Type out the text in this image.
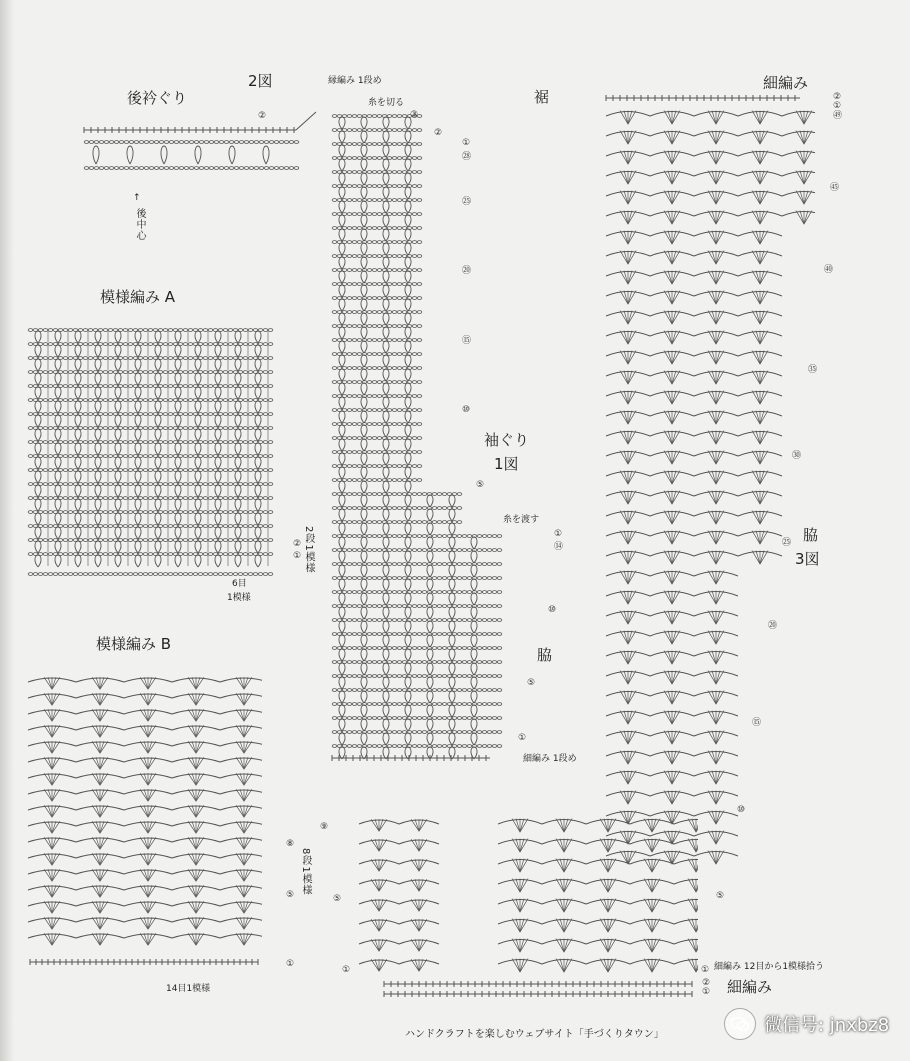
2図
後衿ぐり
縁編み 1段め
糸を切る
後中心
↑
裾
細編み
模様編み A
模様編み B
袖ぐり
1図
糸を渡す
脇
脇
3図
細編み 1段め
細編み 12目から1模様拾う
細編み
2段1模様
6目
1模様
8段1模様
14目1模様
②	③
②
①
㉘
㉕
⑳
⑮
⑩
⑤
①
⑭
⑩
⑤
①
②
①
㊾
㊺
㊵
㉟
㉚
㉕
⑳
⑮
⑩
⑤
②
①
⑧
⑤
①
⑨
⑤
①	①
②
①
ハンドクラフトを楽しむウェブサイト「手づくりタウン」	微信号: jnxbz8
